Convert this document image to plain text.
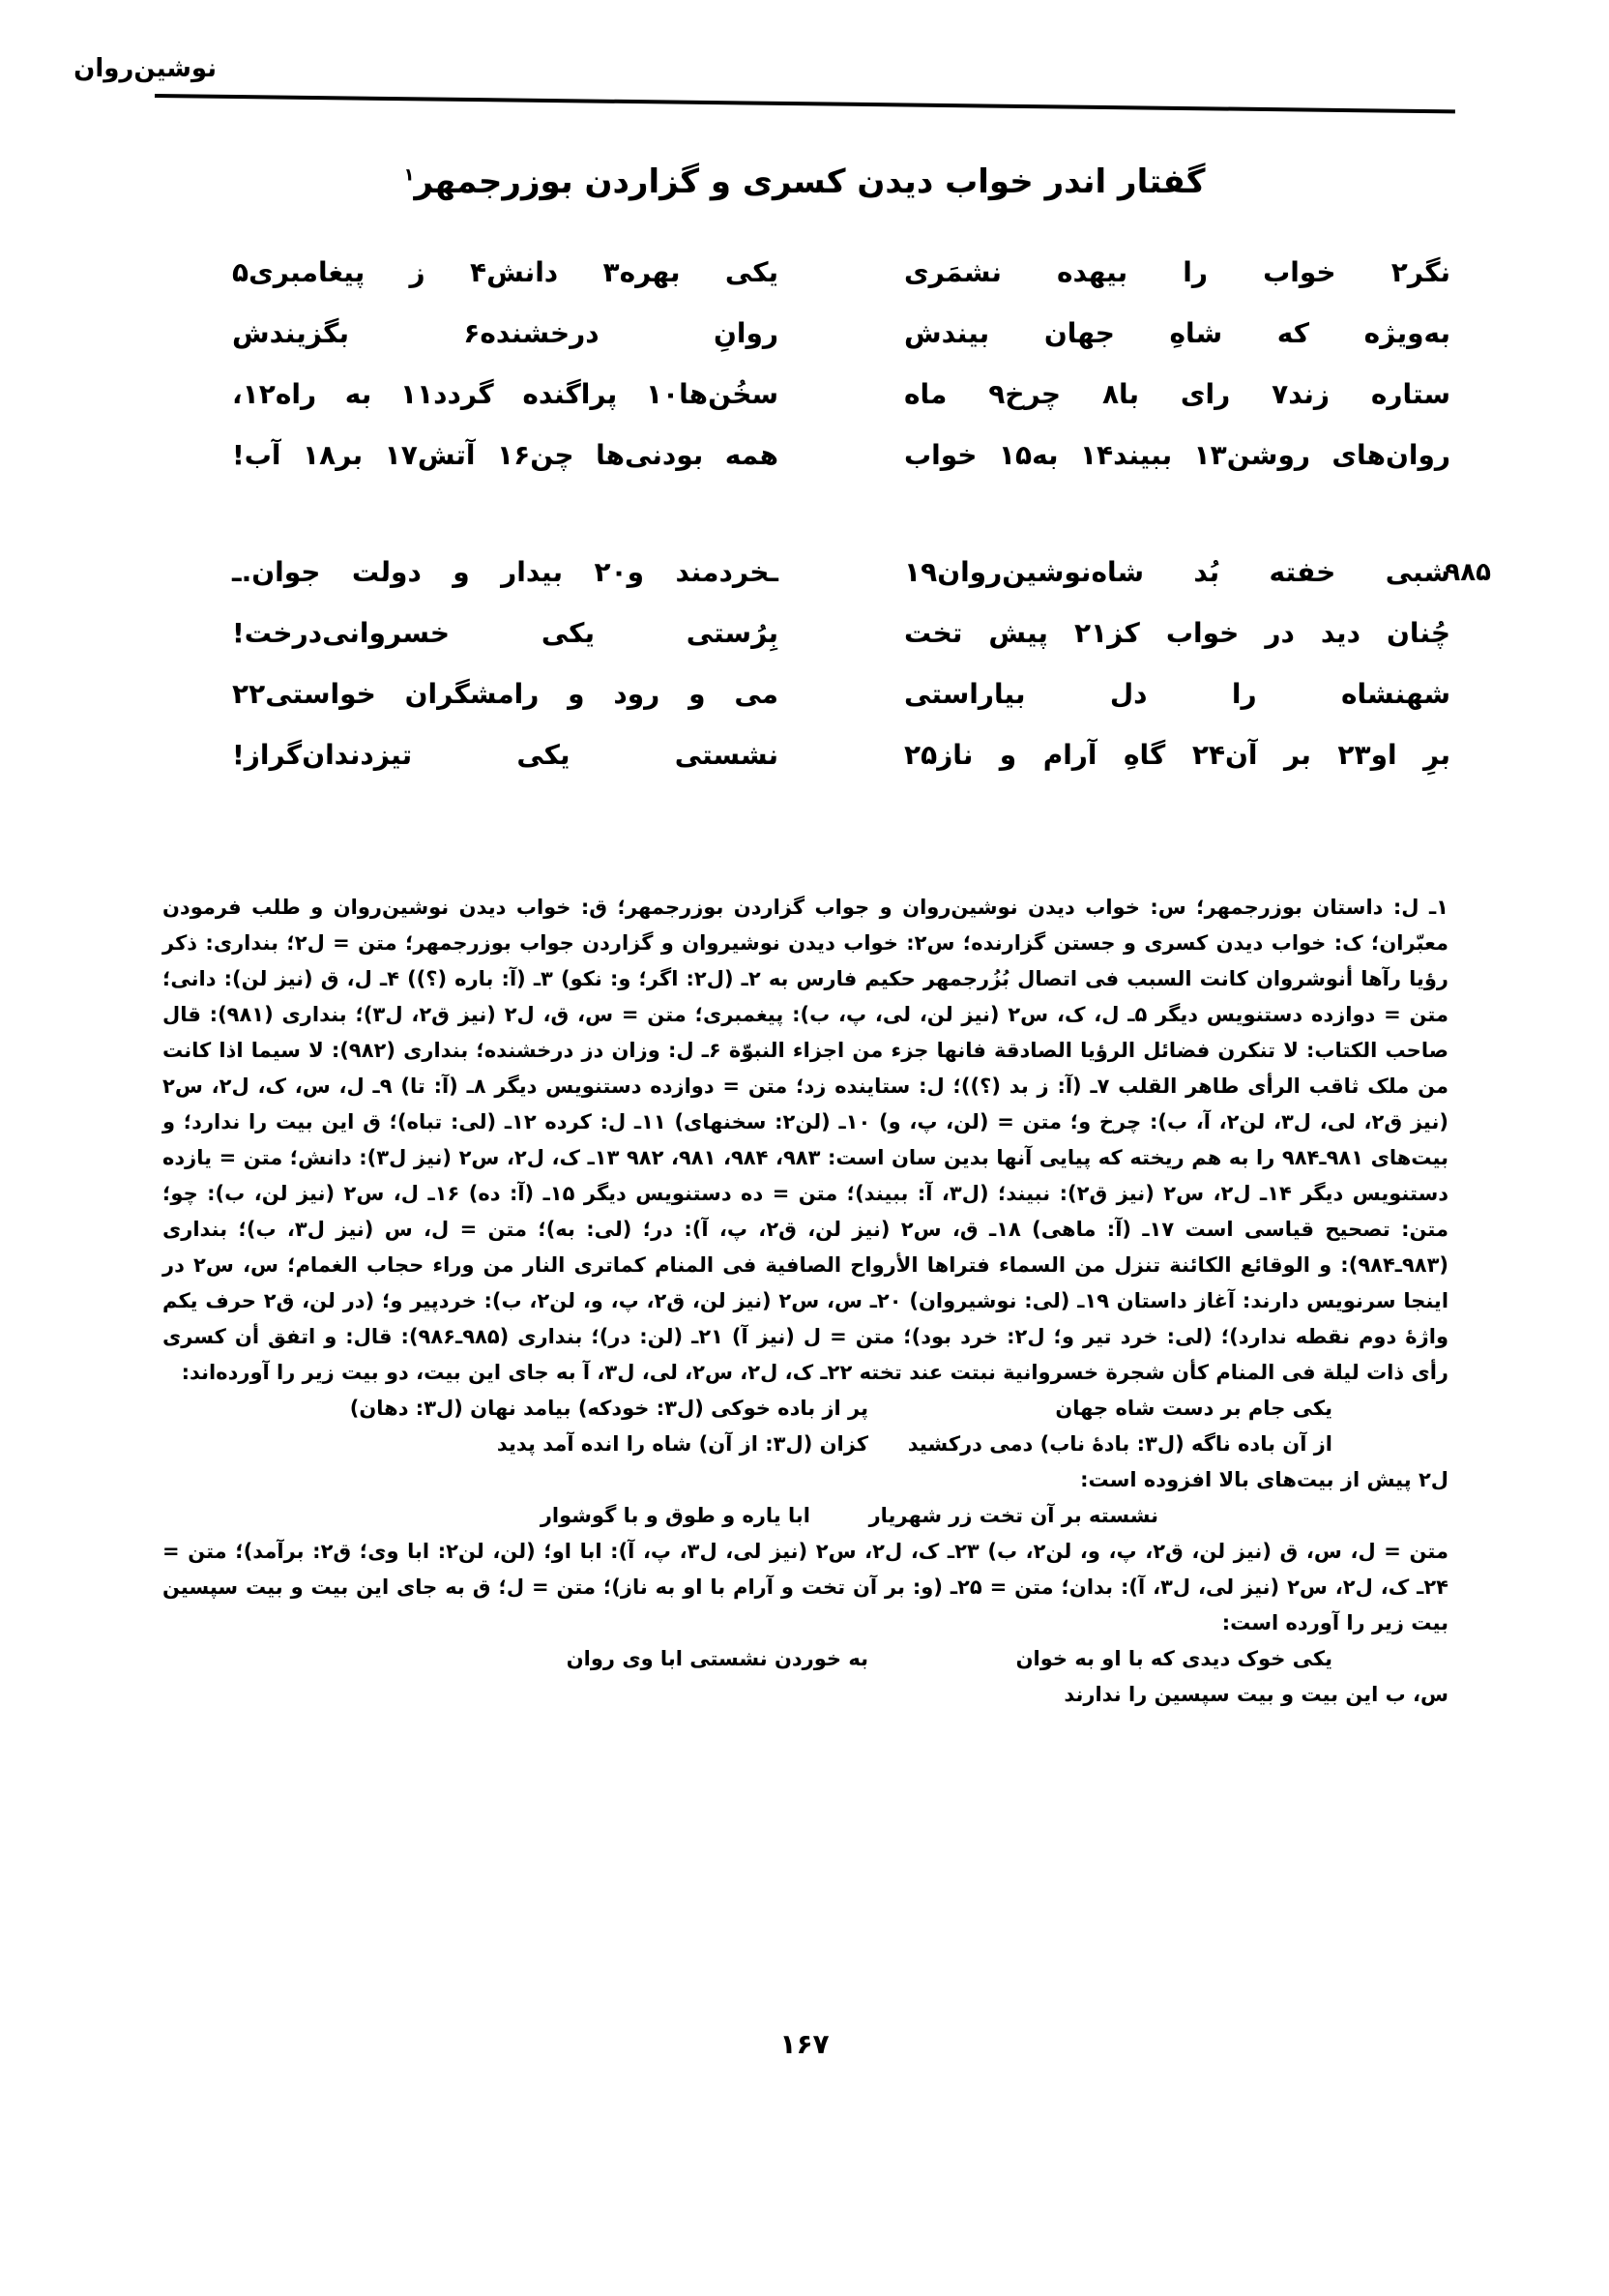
نوشین‌روان
گفتار اندر خواب دیدن کسری و گزاردن بوزرجمهر$^۱$
نگر۲ خواب را بیهده نشمَری
یکی بهره۳ دانش۴ ز پیغامبری۵
به‌ویژه که شاهِ جهان بیندش
روانِ درخشنده۶ بگزیندش
ستاره زند۷ رای با۸ چرخ۹ ماه
سخُن‌ها۱۰ پراگنده گردد۱۱ به راه۱۲،
روان‌های روشن۱۳ ببیند۱۴ به۱۵ خواب
همه بودنی‌ها چن۱۶ آتش۱۷ بر۱۸ آب!
۹۸۵
شبی خفته بُد شاه‌نوشین‌روان۱۹
ـخردمند و۲۰ بیدار و دولت جوان.ـ
چُنان دید در خواب کز۲۱ پیش تخت
بِرُستی یکی خسروانی‌درخت!
شهنشاه را دل بیاراستی
می و رود و رامشگران خواستی۲۲
برِ او۲۳ بر آن۲۴ گاهِ آرام و ناز۲۵
نشستی یکی تیزدندان‌گراز!

۱ـ ل: داستان بوزرجمهر؛ س: خواب دیدن نوشین‌روان و جواب گزاردن بوزرجمهر؛ ق: خواب دیدن نوشین‌روان و طلب فرمودن معبّران؛ ک: خواب دیدن کسری و جستن گزارنده؛ س۲: خواب دیدن نوشیروان و گزاردن جواب بوزرجمهر؛ متن = ل۲؛ بنداری: ذکر رؤیا رآها أنوشروان کانت السبب فی اتصال بُزُرجمهر حکیم فارس به ۲ـ (ل۲: اگر؛ و: نکو) ۳ـ (آ: باره (؟)) ۴ـ ل، ق (نیز لن): دانی؛ متن = دوازده دستنویس دیگر ۵ـ ل، ک، س۲ (نیز لن، لی، پ، ب): پیغمبری؛ متن = س، ق، ل۲ (نیز ق۲، ل۳)؛ بنداری (۹۸۱): قال صاحب الکتاب: لا تنکرن فضائل الرؤیا الصادقة فانها جزء من اجزاء النبوّة ۶ـ ل: وزان دز درخشنده؛ بنداری (۹۸۲): لا سیما اذا کانت من ملک ثاقب الرأی طاهر القلب ۷ـ (آ: ز بد (؟))؛ ل: ستاینده زد؛ متن = دوازده دستنویس دیگر ۸ـ (آ: تا) ۹ـ ل، س، ک، ل۲، س۲ (نیز ق۲، لی، ل۳، لن۲، آ، ب): چرخ و؛ متن = (لن، پ، و) ۱۰ـ (لن۲: سخنهای) ۱۱ـ ل: کرده ۱۲ـ (لی: تباه)؛ ق این بیت را ندارد؛ و بیت‌های ۹۸۱ـ۹۸۴ را به هم ریخته که پیایی آنها بدین سان است: ۹۸۳، ۹۸۴، ۹۸۱، ۹۸۲ ۱۳ـ ک، ل۲، س۲ (نیز ل۳): دانش؛ متن = یازده دستنویس دیگر ۱۴ـ ل۲، س۲ (نیز ق۲): نبیند؛ (ل۳، آ: ببیند)؛ متن = ده دستنویس دیگر ۱۵ـ (آ: ده) ۱۶ـ ل، س۲ (نیز لن، ب): چو؛ متن: تصحیح قیاسی است ۱۷ـ (آ: ماهی) ۱۸ـ ق، س۲ (نیز لن، ق۲، پ، آ): در؛ (لی: به)؛ متن = ل، س (نیز ل۳، ب)؛ بنداری (۹۸۳ـ۹۸۴): و الوقائع الکائنة تنزل من السماء فتراها الأرواح الصافیة فی المنام کماتری النار من وراء حجاب الغمام؛ س، س۲ در اینجا سرنویس دارند: آغاز داستان ۱۹ـ (لی: نوشیروان) ۲۰ـ س، س۲ (نیز لن، ق۲، پ، و، لن۲، ب): خردپیر و؛ (در لن، ق۲ حرف یکم واژهٔ دوم نقطه ندارد)؛ (لی: خرد تیر و؛ ل۲: خرد بود)؛ متن = ل (نیز آ) ۲۱ـ (لن: در)؛ بنداری (۹۸۵ـ۹۸۶): قال: و اتفق أن کسری رأی ذات لیلة فی المنام کأن شجرة خسروانیة نبتت عند تخته ۲۲ـ ک، ل۲، س۲، لی، ل۳، آ به جای این بیت، دو بیت زیر را آورده‌اند:

یکی جام بر دست شاه جهان
پر از باده خوکی (ل۳: خودکه) بیامد نهان (ل۳: دهان)
از آن باده ناگه (ل۳: بادهٔ ناب) دمی درکشید
کزان (ل۳: از آن) شاه را انده آمد پدید

ل۲ پیش از بیت‌های بالا افزوده است:

نشسته بر آن تخت زر شهریار
ابا یاره و طوق و با گوشوار

متن = ل، س، ق (نیز لن، ق۲، پ، و، لن۲، ب) ۲۳ـ ک، ل۲، س۲ (نیز لی، ل۳، پ، آ): ابا او؛ (لن، لن۲: ابا وی؛ ق۲: برآمد)؛ متن = ۲۴ـ ک، ل۲، س۲ (نیز لی، ل۳، آ): بدان؛ متن = ۲۵ـ (و: بر آن تخت و آرام با او به ناز)؛ متن = ل؛ ق به جای این بیت و بیت سپسین بیت زیر را آورده است:

یکی خوک دیدی که با او به خوان
به خوردن نشستی ابا وی روان

س، ب این بیت و بیت سپسین را ندارند

۱۶۷
